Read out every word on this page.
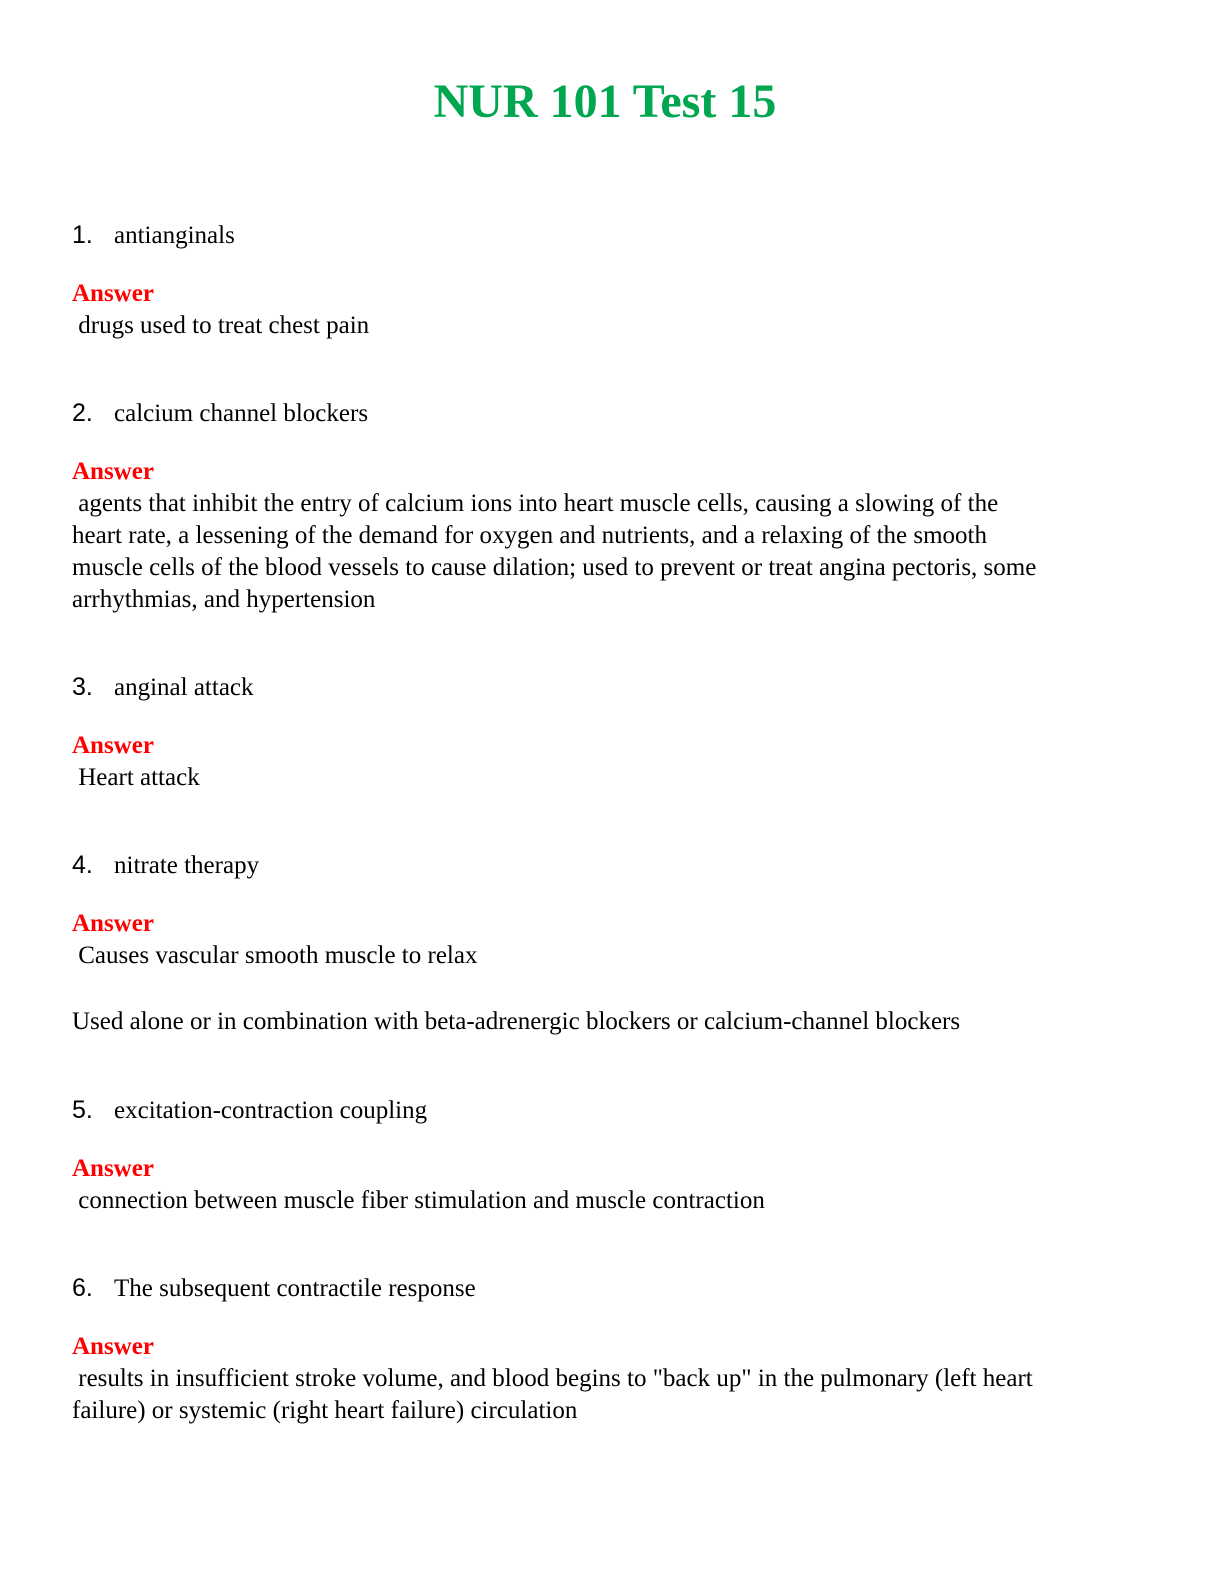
NUR 101 Test 15
1. antianginals
Answer
drugs used to treat chest pain
2. calcium channel blockers
Answer
agents that inhibit the entry of calcium ions into heart muscle cells, causing a slowing of the
heart rate, a lessening of the demand for oxygen and nutrients, and a relaxing of the smooth
muscle cells of the blood vessels to cause dilation; used to prevent or treat angina pectoris, some
arrhythmias, and hypertension
3. anginal attack
Answer
Heart attack
4. nitrate therapy
Answer
Causes vascular smooth muscle to relax
Used alone or in combination with beta-adrenergic blockers or calcium-channel blockers
5. excitation-contraction coupling
Answer
connection between muscle fiber stimulation and muscle contraction
6. The subsequent contractile response
Answer
results in insufficient stroke volume, and blood begins to "back up" in the pulmonary (left heart
failure) or systemic (right heart failure) circulation
